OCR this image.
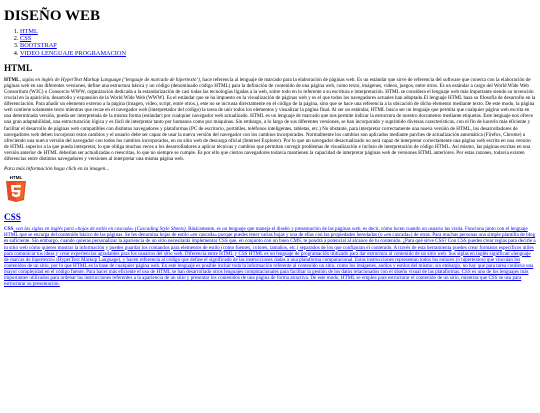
DISEÑO WEB
1. HTML
2. CSS
3. BOOTSTRAP
4. VIDEO LENGUAJE PROGRAMACION
HTML

HTML, siglas en inglés de HyperText Markup Language (‘lenguaje de marcado de hipertexto’), hace referencia al lenguaje de marcado para la elaboración de páginas web. Es un estándar que sirve de referencia del software que conecta con la elaboración de páginas web en sus diferentes versiones, define una estructura básica y un código (denominado código HTML) para la definición de contenido de una página web, como texto, imágenes, videos, juegos, entre otros. Es un estándar a cargo del World Wide Web Consortium (W3C) o Consorcio WWW, organización dedicada a la estandarización de casi todas las tecnologías ligadas a la web, sobre todo en lo referente a su escritura e interpretación. HTML se considera el lenguaje web más importante siendo su invención crucial en la aparición, desarrollo y expansión de la World Wide Web (WWW). Es el estándar que se ha impuesto en la visualización de páginas web y es el que todos los navegadores actuales han adoptado.El lenguaje HTML basa su filosofía de desarrollo en la diferenciación. Para añadir un elemento externo a la página (imagen, vídeo, script, entre otros.), este no se incrusta directamente en el código de la página, sino que se hace una referencia a la ubicación de dicho elemento mediante texto. De este modo, la página web contiene solamente texto mientras que recae en el navegador web (interpretador del código) la tarea de unir todos los elementos y visualizar la página final. Al ser un estándar, HTML busca ser un lenguaje que permita que cualquier página web escrita en una determinada versión, pueda ser interpretada de la misma forma (estándar) por cualquier navegador web actualizado. HTML es un lenguaje de marcado que nos permite indicar la estructura de nuestro documento mediante etiquetas. Este lenguaje nos ofrece una gran adaptabilidad, una estructuración lógica y es fácil de interpretar tanto por humanos como por máquinas. Sin embargo, a lo largo de sus diferentes versiones, se han incorporado y suprimido diversas características, con el fin de hacerlo más eficiente y facilitar el desarrollo de páginas web compatibles con distintos navegadores y plataformas (PC de escritorio, portátiles, teléfonos inteligentes, tabletas, etc.) No obstante, para interpretar correctamente una nueva versión de HTML, los desarrolladores de navegadores web deben incorporar estos cambios y el usuario debe ser capaz de usar la nueva versión del navegador con los cambios incorporados. Normalmente los cambios son aplicados mediante parches de actualización automática (Firefox, Chrome) u ofreciendo una nueva versión del navegador con todos los cambios incorporados, en un sitio web de descarga oficial (Internet Explorer). Por lo que un navegador desactualizado no será capaz de interpretar correctamente una página web escrita en una versión de HTML superior a la que pueda interpretar, lo que obliga muchas veces a los desarrolladores a aplicar técnicas y cambios que permitan corregir problemas de visualización e incluso de interpretación de código HTML. Así mismo, las páginas escritas en una versión anterior de HTML deberían ser actualizadas o reescritas, lo que no siempre se cumple. Es por ello que ciertos navegadores todavía mantienen la capacidad de interpretar páginas web de versiones HTML anteriores. Por estas razones, todavía existen diferencias entre distintos navegadores y versiones al interpretar una misma página web.

Para más información haga click en la imagen...

HTML
CSS

CSS, son las siglas en inglés para «hojas de estilo en cascada» (Cascading Style Sheets). Básicamente, es un lenguaje que maneja el diseño y presentación de las páginas web, es decir, cómo lucen cuando un usuario las visita. Funciona junto con el lenguaje HTML que se encarga del contenido básico de las páginas. Se les denomina hojas de estilo «en cascada» porque puedes tener varias hojas y una de ellas con las propiedades heredadas (o «en cascada») de otras. Para muchas personas una simple plantilla de blog es suficiente. Sin embargo, cuando quieras personalizar la apariencia de un sitio necesitarás implementar CSS que, en conjunto con un buen CMS, te pondrá a potencial al alcance de tu contenido. ¿Para qué sirve CSS? Con CSS puedes crear reglas para decirle a tu sitio web cómo quieres mostrar la información y puedes guardar los comandos para elementos de estilo (como fuentes, colores, tamaños, etc.) separados de los que configuran el contenido. A través de esta herramienta puedes crear formatos específicos útiles para comunicar tus ideas y crear experiencias agradables para los usuarios del sitio web. Diferencia entre HTML y CSS HTML es un lenguaje de programación utilizado para dar estructura al contenido de un sitio web. Sus siglas en inglés significan «lenguaje de marcas de hipertexto» (HyperText Markup Language), y hacen referencia al código que define el significado de las instrucciones dadas a una plataforma computacional. Estas instrucciones representan todos los enlaces (o hipertextos) que vinculan los contenidos de un sitio, por lo que HTML es la base de cualquier página web. En este lenguaje es posible incluir toda la información referente al contenido un sitio, como los imágenes, audios y estilos del mismo; sin embargo, no hay que para tarea conlleva una mayor complejidad en el código fuente. Para hacer más eficiente el uso de HTML se han desarrollado otros lenguajes computacionales para facilitar la gestión de los datos relacionados con el diseño visual de las plataformas. CSS es uno de los lenguajes más importantes utilizados para ordenar las instrucciones referentes a la apariencia de un sitio y presentar los contenidos de una página de forma atractiva. De este modo, HTML se emplea para estructurar el contenido de un sitio, mientras que CSS se usa para estructurar su presentación.
